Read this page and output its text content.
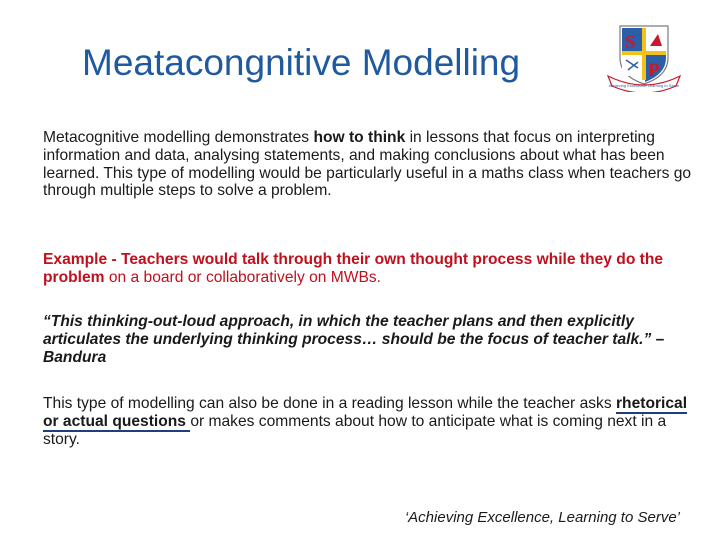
Meatacongnitive Modelling	S
P
Achieving Excellence Learning to Serve

Metacognitive modelling demonstrates how to think in lessons that focus on interpreting information and data, analysing statements, and making conclusions about what has been learned. This type of modelling would be particularly useful in a maths class when teachers go through multiple steps to solve a problem.

Example - Teachers would talk through their own thought process while they do the problem on a board or collaboratively on MWBs.

“This thinking-out-loud approach, in which the teacher plans and then explicitly articulates the underlying thinking process… should be the focus of teacher talk.” – Bandura

This type of modelling can also be done in a reading lesson while the teacher asks rhetorical or actual questions or makes comments about how to anticipate what is coming next in a story.

‘Achieving Excellence, Learning to Serve’
